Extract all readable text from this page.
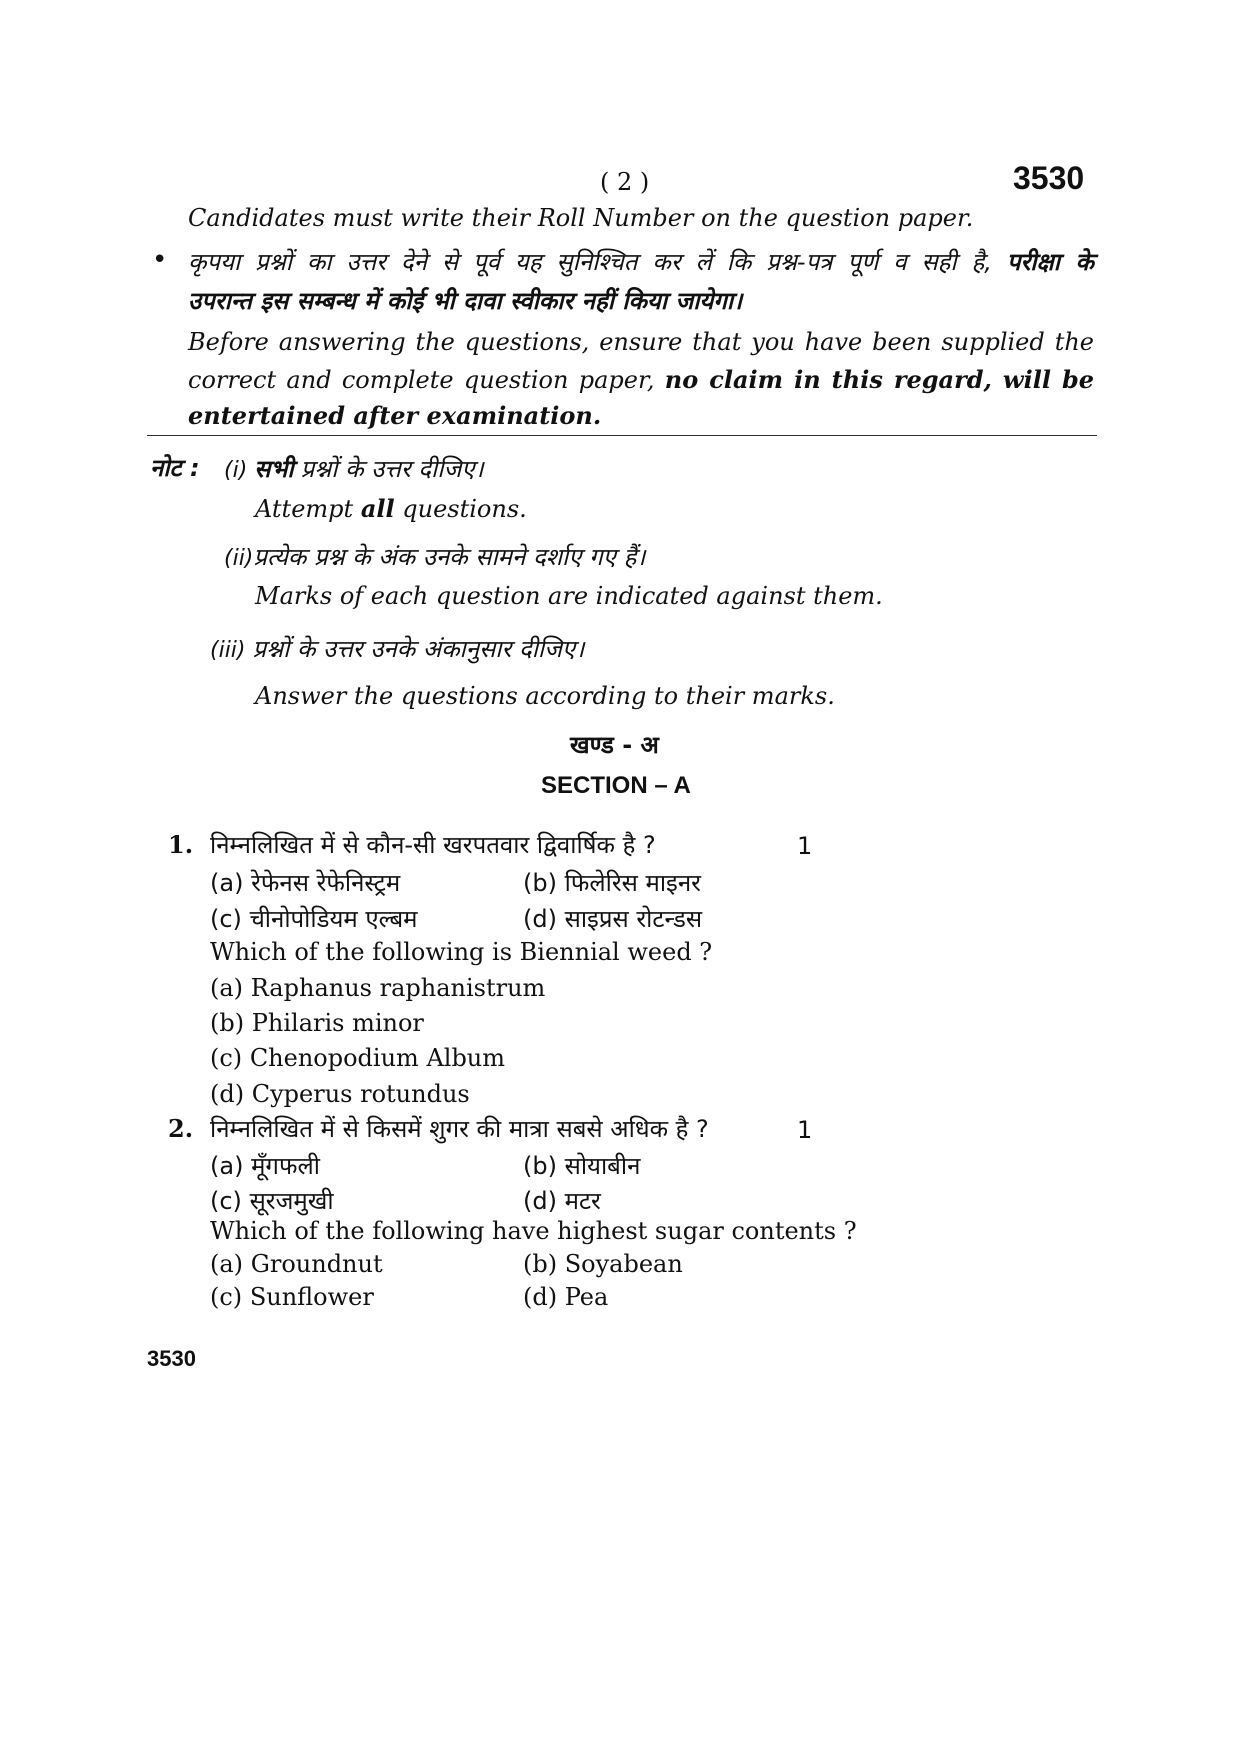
( 2 )	3530
Candidates must write their Roll Number on the question paper.
• कृपया प्रश्नों का उत्तर देने से पूर्व यह सुनिश्चित कर लें कि प्रश्न-पत्र पूर्ण व सही है, परीक्षा के
उपरान्त इस सम्बन्ध में कोई भी दावा स्वीकार नहीं किया जायेगा।
Before answering the questions, ensure that you have been supplied the
correct and complete question paper, no claim in this regard, will be
entertained after examination.
नोट : (i) सभी प्रश्नों के उत्तर दीजिए।
Attempt all questions.
(ii)प्रत्येक प्रश्न के अंक उनके सामने दर्शाए गए हैं।
Marks of each question are indicated against them.
(iii) प्रश्नों के उत्तर उनके अंकानुसार दीजिए।
Answer the questions according to their marks.
खण्ड - अ
SECTION – A
1. निम्नलिखित में से कौन-सी खरपतवार द्विवार्षिक है ?	1
(a) रेफेनस रेफेनिस्ट्रम	(b) फिलेरिस माइनर
(c) चीनोपोडियम एल्बम	(d) साइप्रस रोटन्डस
Which of the following is Biennial weed ?
(a) Raphanus raphanistrum
(b) Philaris minor
(c) Chenopodium Album
(d) Cyperus rotundus
2. निम्नलिखित में से किसमें शुगर की मात्रा सबसे अधिक है ?	1
(a) मूँगफली	(b) सोयाबीन
(c) सूरजमुखी	(d) मटर
Which of the following have highest sugar contents ?
(a) Groundnut	(b) Soyabean
(c) Sunflower	(d) Pea
3530
